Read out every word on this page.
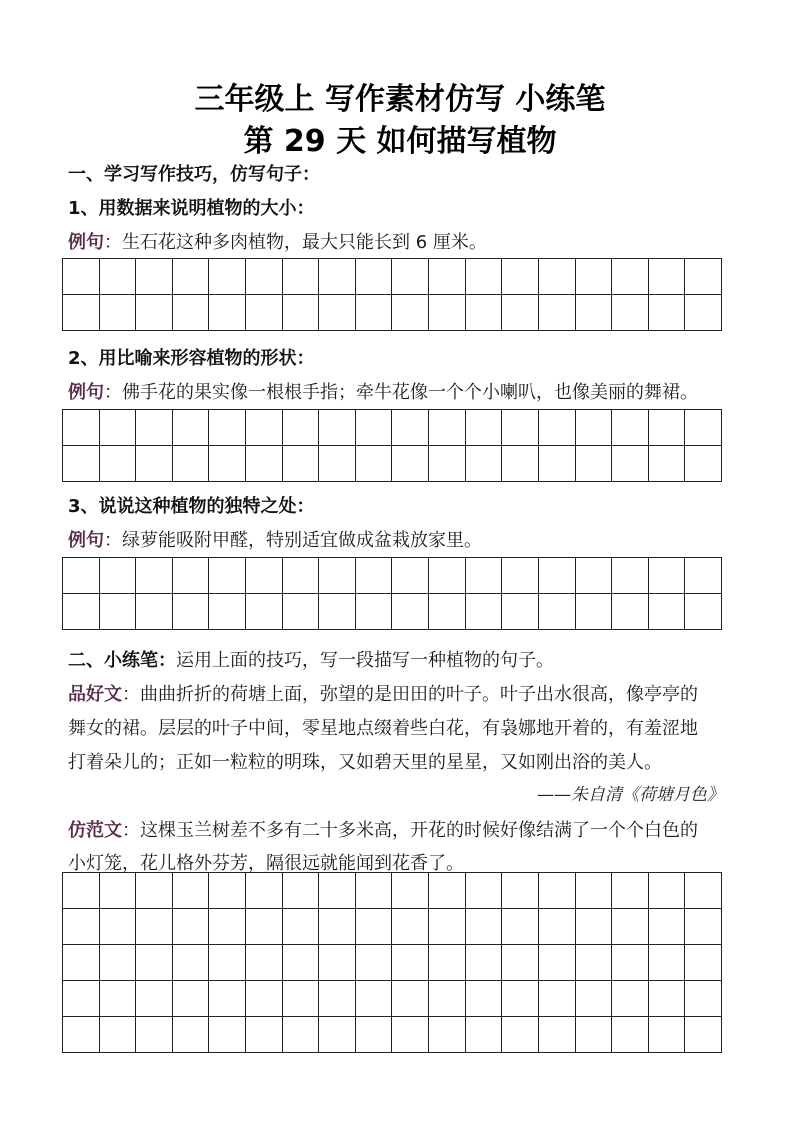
三年级上 写作素材仿写 小练笔
第 29 天 如何描写植物
一、学习写作技巧，仿写句子：
1、用数据来说明植物的大小：
例句：生石花这种多肉植物，最大只能长到 6 厘米。
2、用比喻来形容植物的形状：
例句：佛手花的果实像一根根手指；牵牛花像一个个小喇叭，也像美丽的舞裙。
3、说说这种植物的独特之处：
例句：绿萝能吸附甲醛，特别适宜做成盆栽放家里。
二、小练笔：运用上面的技巧，写一段描写一种植物的句子。
品好文：曲曲折折的荷塘上面，弥望的是田田的叶子。叶子出水很高，像亭亭的
舞女的裙。层层的叶子中间，零星地点缀着些白花，有袅娜地开着的，有羞涩地
打着朵儿的；正如一粒粒的明珠，又如碧天里的星星，又如刚出浴的美人。
——朱自清《荷塘月色》
仿范文：这棵玉兰树差不多有二十多米高，开花的时候好像结满了一个个白色的
小灯笼，花儿格外芬芳，隔很远就能闻到花香了。
